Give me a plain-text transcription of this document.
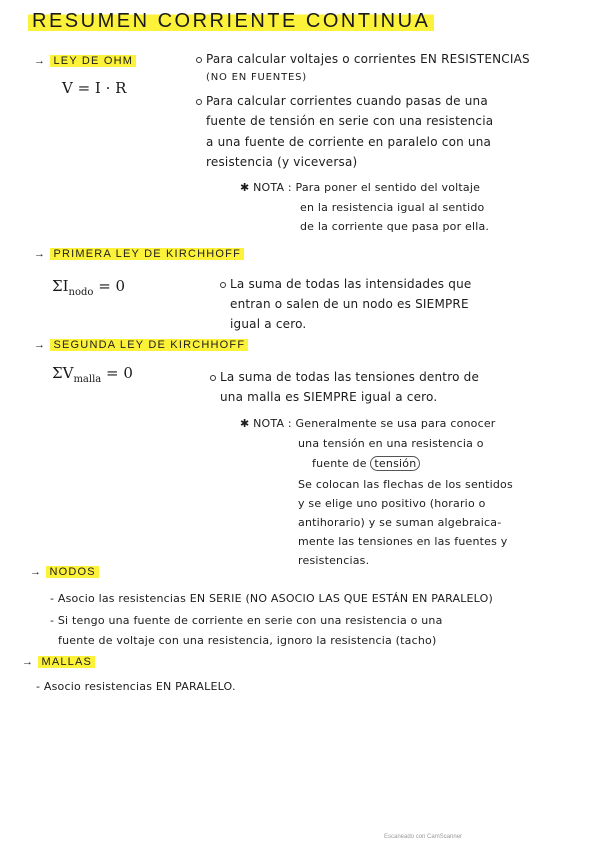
RESUMEN CORRIENTE CONTINUA
→ LEY DE OHM
V = I · R
Para calcular voltajes o corrientes EN RESISTENCIAS
(NO EN FUENTES)
Para calcular corrientes cuando pasas de una
fuente de tensión en serie con una resistencia
a una fuente de corriente en paralelo con una
resistencia (y viceversa)
✱ NOTA : Para poner el sentido del voltaje
en la resistencia igual al sentido
de la corriente que pasa por ella.
→ PRIMERA LEY DE KIRCHHOFF
$\Sigma I_{nodo} = 0$	La suma de todas las intensidades que
entran o salen de un nodo es SIEMPRE
igual a cero.
→ SEGUNDA LEY DE KIRCHHOFF
$\Sigma V_{malla} = 0$	La suma de todas las tensiones dentro de
una malla es SIEMPRE igual a cero.
✱ NOTA : Generalmente se usa para conocer
una tensión en una resistencia o
fuente de tensión
Se colocan las flechas de los sentidos
y se elige uno positivo (horario o
antihorario) y se suman algebraica-
mente las tensiones en las fuentes y
resistencias.
→ NODOS
- Asocio las resistencias EN SERIE (NO ASOCIO LAS QUE ESTÁN EN PARALELO)
- Si tengo una fuente de corriente en serie con una resistencia o una
fuente de voltaje con una resistencia, ignoro la resistencia (tacho)
→ MALLAS
- Asocio resistencias EN PARALELO.
Escaneado con CamScanner
